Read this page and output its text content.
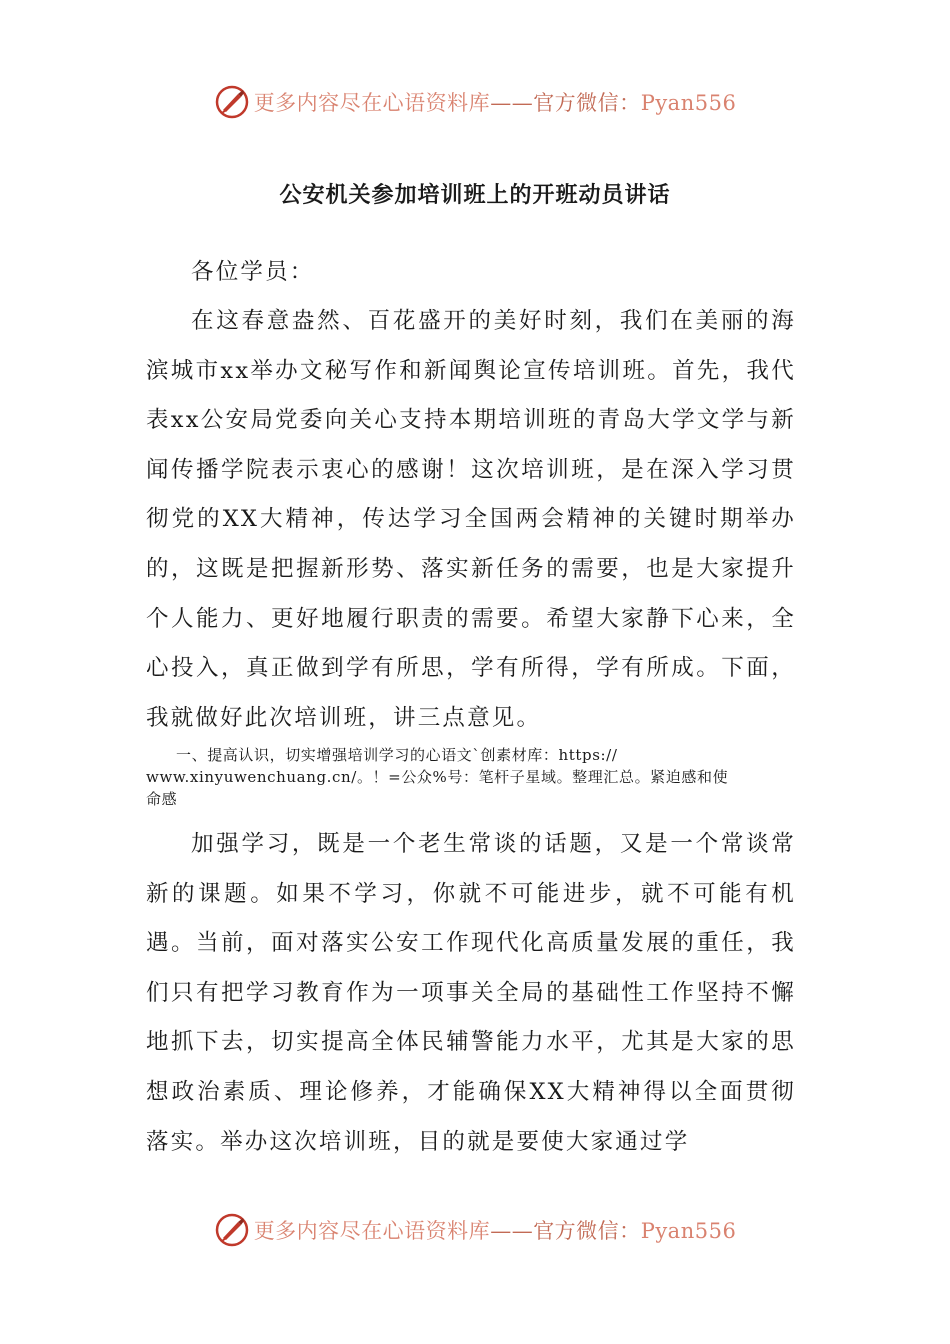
更多内容尽在心语资料库——官方微信：Pyan556
公安机关参加培训班上的开班动员讲话

各位学员：

在这春意盎然、百花盛开的美好时刻，我们在美丽的海滨城市xx举办文秘写作和新闻舆论宣传培训班。首先，我代表xx公安局党委向关心支持本期培训班的青岛大学文学与新闻传播学院表示衷心的感谢！这次培训班，是在深入学习贯彻党的XX大精神，传达学习全国两会精神的关键时期举办的，这既是把握新形势、落实新任务的需要，也是大家提升个人能力、更好地履行职责的需要。希望大家静下心来，全心投入，真正做到学有所思，学有所得，学有所成。下面，我就做好此次培训班，讲三点意见。

一、提高认识，切实增强培训学习的心语文`创素材库：https://
www.xinyuwenchuang.cn/。！=公众%号：笔杆子星域。整理汇总。紧迫感和使
命感

加强学习，既是一个老生常谈的话题，又是一个常谈常新的课题。如果不学习，你就不可能进步，就不可能有机遇。当前，面对落实公安工作现代化高质量发展的重任，我们只有把学习教育作为一项事关全局的基础性工作坚持不懈地抓下去，切实提高全体民辅警能力水平，尤其是大家的思想政治素质、理论修养，才能确保XX大精神得以全面贯彻落实。举办这次培训班，目的就是要使大家通过学

更多内容尽在心语资料库——官方微信：Pyan556
